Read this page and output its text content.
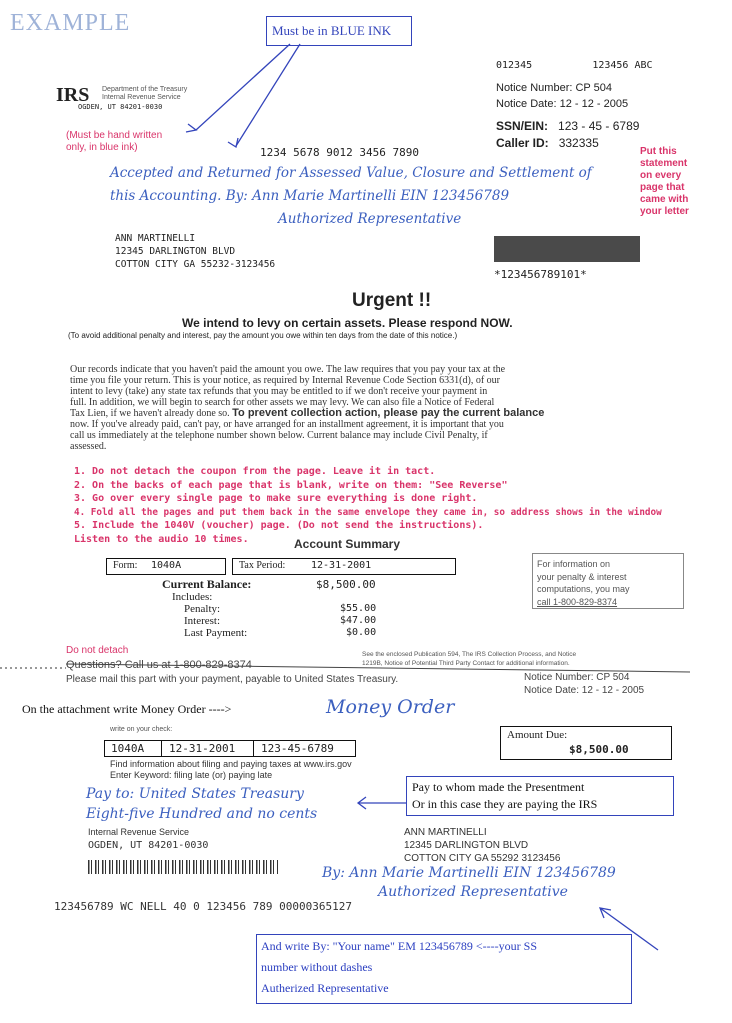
EXAMPLE	Must be in BLUE INK
IRS Department of the Treasury
Internal Revenue Service
OGDEN, UT 84201-0030
(Must be hand written
only, in blue ink)
012345          123456 ABC
Notice Number: CP 504
Notice Date: 12 - 12 - 2005
SSN/EIN: 123 - 45 - 6789
Caller ID: 332335
Put this
statement
on every
page that
came with
your letter
1234 5678 9012 3456 7890
Accepted and Returned for Assessed Value, Closure and Settlement of
this Accounting. By: Ann Marie Martinelli EIN 123456789
Authorized Representative
ANN MARTINELLI
12345 DARLINGTON BLVD
COTTON CITY GA 55232-3123456
*123456789101*
Urgent !!
We intend to levy on certain assets. Please respond NOW.
(To avoid additional penalty and interest, pay the amount you owe within ten days from the date of this notice.)
Our records indicate that you haven't paid the amount you owe. The law requires that you pay your tax at the
time you file your return. This is your notice, as required by Internal Revenue Code Section 6331(d), of our
intent to levy (take) any state tax refunds that you may be entitled to if we don't receive your payment in
full. In addition, we will begin to search for other assets we may levy. We can also file a Notice of Federal
Tax Lien, if we haven't already done so. To prevent collection action, please pay the current balance
now. If you've already paid, can't pay, or have arranged for an installment agreement, it is important that you
call us immediately at the telephone number shown below. Current balance may include Civil Penalty, if
assessed.
1. Do not detach the coupon from the page. Leave it in tact.
2. On the backs of each page that is blank, write on them: "See Reverse"
3. Go over every single page to make sure everything is done right.
4. Fold all the pages and put them back in the same envelope they came in, so address shows in the window
5. Include the 1040V (voucher) page. (Do not send the instructions).
Listen to the audio 10 times.	Account Summary
Form: 1040A	Tax Period:	12-31-2001
Current Balance:	$8,500.00
Includes:
Penalty:	$55.00
Interest:	$47.00
Last Payment:	$0.00
For information on
your penalty & interest
computations, you may
call 1-800-829-8374
Do not detach
Questions? Call us at 1-800-829-8374
See the enclosed Publication 594, The IRS Collection Process, and Notice
1219B, Notice of Potential Third Party Contact for additional information.
Please mail this part with your payment, payable to United States Treasury.	Notice Number: CP 504
Notice Date: 12 - 12 - 2005
On the attachment write Money Order ---->	Money Order
write on your check:
1040A 12-31-2001 123-45-6789
Amount Due:
$8,500.00
Find information about filing and paying taxes at www.irs.gov
Enter Keyword: filing late (or) paying late
Pay to whom made the Presentment
Or in this case they are paying the IRS
Pay to: United States Treasury
Eight-five Hundred and no cents
Internal Revenue Service
OGDEN, UT 84201-0030
ANN MARTINELLI
12345 DARLINGTON BLVD
COTTON CITY GA 55292 3123456
By: Ann Marie Martinelli EIN 123456789
Authorized Representative
123456789 WC NELL 40 0 123456 789 00000365127
And write By: "Your name" EM 123456789 <----your SS
number without dashes
Autherized Representative
